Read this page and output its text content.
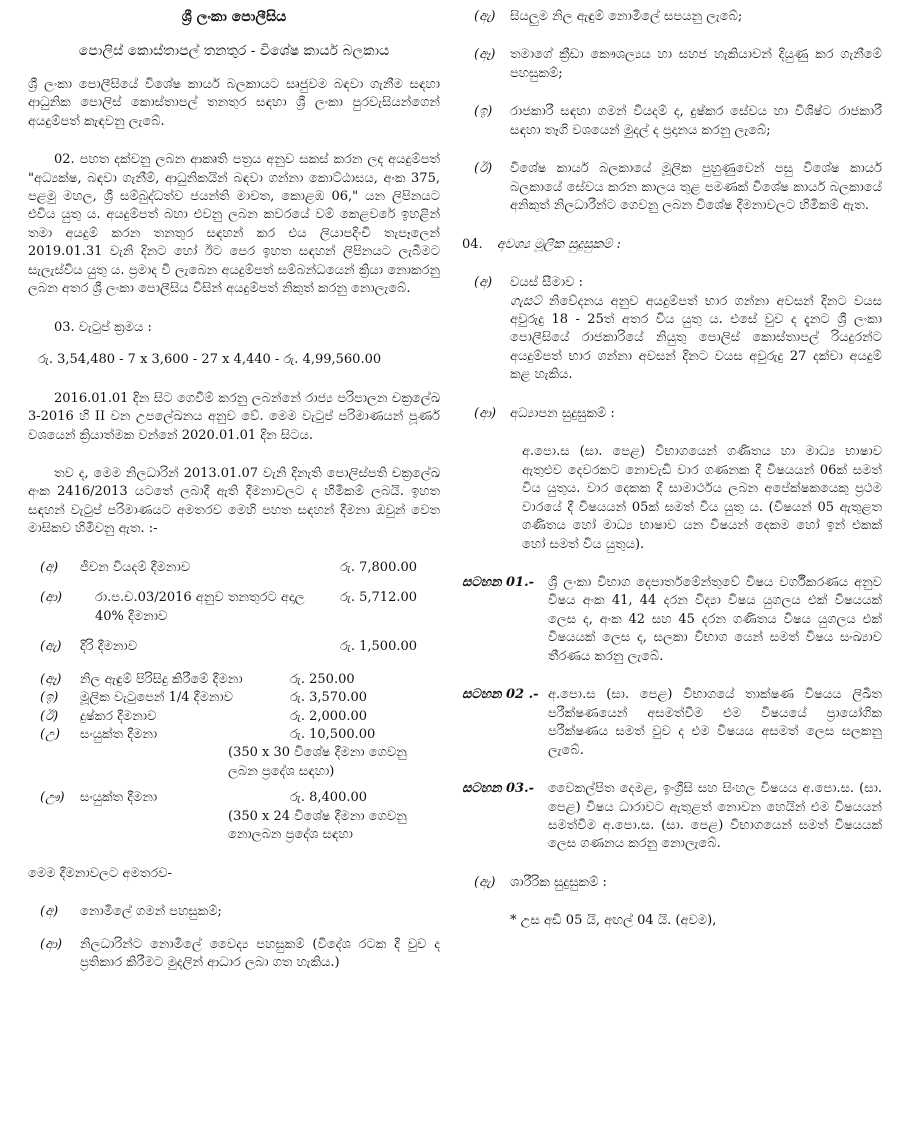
ශ්‍රී ලංකා පොලීසිය

පොලිස් කොස්තාපල් තනතුර - විශේෂ කාර්ය බලකාය

ශ්‍රී ලංකා පොලීසියේ විශේෂ කාර්ය බලකායට සෘජුවම බඳවා ගැනීම සඳහා ආධුනික පොලිස් කොස්තාපල් තනතුර සඳහා ශ්‍රී ලංකා පුරවැසියන්ගෙන් අයදුම්පත් කැඳවනු ලැබේ.

02. පහත දක්වනු ලබන ආකෘති පත්‍රය අනුව සකස් කරන ලද අයදුම්පත් "අධ්‍යක්ෂ, බඳවා ගැනීම්, ආධුනිකයින් බඳවා ගන්නා කොට්ඨාසය, අංක 375, පළමු මහල, ශ්‍රී සම්බුද්ධත්ව ජයන්ති මාවත, කොළඹ 06," යන ලිපිනයට එවිය යුතු ය. අයදුම්පත් බහා එවනු ලබන කවරයේ වම් කෙළවරේ ඉහළින් තමා අයදුම් කරන තනතුර සඳහන් කර එය ලියාපදිංචි තැපෑලෙන් 2019.01.31 වැනි දිනට හෝ ඊට පෙර ඉහත සඳහන් ලිපිනයට ලැබීමට සැලැස්විය යුතු ය. ප්‍රමාද වී ලැබෙන අයදුම්පත් සම්බන්ධයෙන් ක්‍රියා නොකරනු ලබන අතර ශ්‍රී ලංකා පොලීසිය විසින් අයදුම්පත් නිකුත් කරනු නොලැබේ.

03. වැටුප් ක්‍රමය :

රු. 3,54,480 - 7 x 3,600 - 27 x 4,440 - රු. 4,99,560.00

2016.01.01 දින සිට ගෙවීම් කරනු ලබන්නේ රාජ්‍ය පරිපාලන චක්‍රලේඛ 3-2016 හි II වන උපලේඛනය අනුව වේ. මෙම වැටුප් පරිමාණයන් පූර්ණ වශයෙන් ක්‍රියාත්මක වන්නේ 2020.01.01 දින සිටය.

තව ද, මෙම නිලධාරින් 2013.01.07 වැනි දිනැති පොලිස්පති චක්‍රලේඛ අංක 2416/2013 යටතේ ලබාදී ඇති දීමනාවලට ද හිමිකම් ලබයි. ඉහත සඳහන් වැටුප් පරිමාණයට අමතරව මෙහි පහත සඳහන් දීමනා ඔවුන් වෙත මාසිකව හිමිවනු ඇත. :-

(අ)	ජීවන වියදම් දීමනාව	රු. 7,800.00
(ආ)	රා.ප.ච.03/2016 අනුව තනතුරට අදාල 40% දීමනාව
රු. 5,712.00
(ඇ)	දිරි දීමනාව	රු. 1,500.00
(ඈ)	නිල ඇඳුම් පිරිසිදු කිරීමේ දීමනා	රු. 250.00
(ඉ)	මූලික වැටුපෙන් 1/4 දීමනාව	රු. 3,570.00
(ඊ)	දුෂ්කර දීමනාව	රු. 2,000.00
(උ)	සංයුක්ත දීමනා	රු. 10,500.00

(350 x 30 විශේෂ දීමනා ගෙවනු ලබන ප්‍රදේශ සඳහා)

(ඌ)	සංයුක්ත දීමනා	රු. 8,400.00

(350 x 24 විශේෂ දීමනා ගෙවනු නොලබන ප්‍රදේශ සඳහා

මෙම දීමනාවලට අමතරව-

(අ)	නොමිලේ ගමන් පහසුකම්;
(ආ)	නිලධාරින්ට නොමිලේ වෛද්‍ය පහසුකම් (විදේශ රටක දී වුව ද ප්‍රතිකාර කිරීමට මුදලින් ආධාර ලබා ගත හැකිය.)
(ඇ)	සියලුම නිල ඇඳුම් නොමිලේ සපයනු ලැබේ;
(ඈ)	තමාගේ ක්‍රීඩා කෞශල්‍යය හා සහජ හැකියාවන් දියුණු කර ගැනීමේ පහසුකම්;
(ඉ)	රාජකාරී සඳහා ගමන් වියදම් ද, දුෂ්කර සේවය හා විශිෂ්ට රාජකාරී සඳහා තෑගි වශයෙන් මුදල් ද ප්‍රදානය කරනු ලැබේ;
(ඊ)	විශේෂ කාර්ය බලකායේ මූලික පුහුණුවෙන් පසු විශේෂ කාර්ය බලකායේ සේවය කරන කාලය තුළ පමණක් විශේෂ කාර්ය බලකායේ අනිකුත් නිලධාරීන්ට ගෙවනු ලබන විශේෂ දීමනාවලට හිමිකම් ඇත.

04. අවශ්‍ය මූලික සුදුසුකම් :

(අ)	වයස් සීමාව :

ගැසට් නිවේදනය අනුව අයදුම්පත් භාර ගන්නා අවසන් දිනට වයස අවුරුදු 18 - 25ත් අතර විය යුතු ය. එසේ වුව ද දැනට ශ්‍රී ලංකා පොලීසියේ රාජකාරියේ නියුතු පොලිස් කොස්තාපල් රියදුරන්ට අයදුම්පත් භාර ගන්නා අවසන් දිනට වයස අවුරුදු 27 දක්වා අයදුම් කළ හැකිය.

(ආ)	අධ්‍යාපන සුදුසුකම් :

අ.පො.ස (සා. පෙළ) විභාගයෙන් ගණිතය හා මාධ්‍ය භාෂාව ඇතුළුව දෙවරකට නොවැඩි වාර ගණනක දී විෂයයන් 06ක් සමත් විය යුතුය. වාර දෙකක දී සාමාර්ථය ලබන අපේක්ෂකයෙකු ප්‍රථම වාරයේ දී විෂයයන් 05ක් සමත් විය යුතු ය. (විෂයන් 05 ඇතුළත ගණිතය හෝ මාධ්‍ය භාෂාව යන විෂයන් දෙකම හෝ ඉන් එකක් හෝ සමත් විය යුතුය).

සටහන 01.-	ශ්‍රී ලංකා විභාග දෙපාර්තමේන්තුවේ විෂය වර්ගීකරණය අනුව විෂය අංක 41, 44 දරන විද්‍යා විෂය යුගලය එක් විෂයයක් ලෙස ද, අංක 42 සහ 45 දරන ගණිතය විෂය යුගලය එක් විෂයයක් ලෙස ද, සලකා විභාග යෙන් සමත් විෂය සංඛ්‍යාව තීරණය කරනු ලැබේ.
සටහන 02 .- අ.පො.ස (සා. පෙළ) විභාගයේ තාක්ෂණ විෂයය ලිඛිත පරීක්ෂණයෙන් අසමත්වීම එම විෂයයේ ප්‍රායෝගික පරීක්ෂණය සමත් වුව ද එම විෂයය අසමත් ලෙස සලකනු ලැබේ.
සටහන 03.-	වෛකල්පිත දෙමළ, ඉංග්‍රීසි සහ සිංහල විෂයය අ.පො.ස. (සා. පෙළ) විෂය ධාරාවට ඇතුළත් නොවන හෙයින් එම විෂයයන් සමත්වීම අ.පො.ස. (සා. පෙළ) විභාගයෙන් සමත් විෂයයක් ලෙස ගණනය කරනු නොලැබේ.
(ඇ)	ශාරීරික සුදුසුකම් :

* උස අඩි 05 යි, අඟල් 04 යි. (අවම),
